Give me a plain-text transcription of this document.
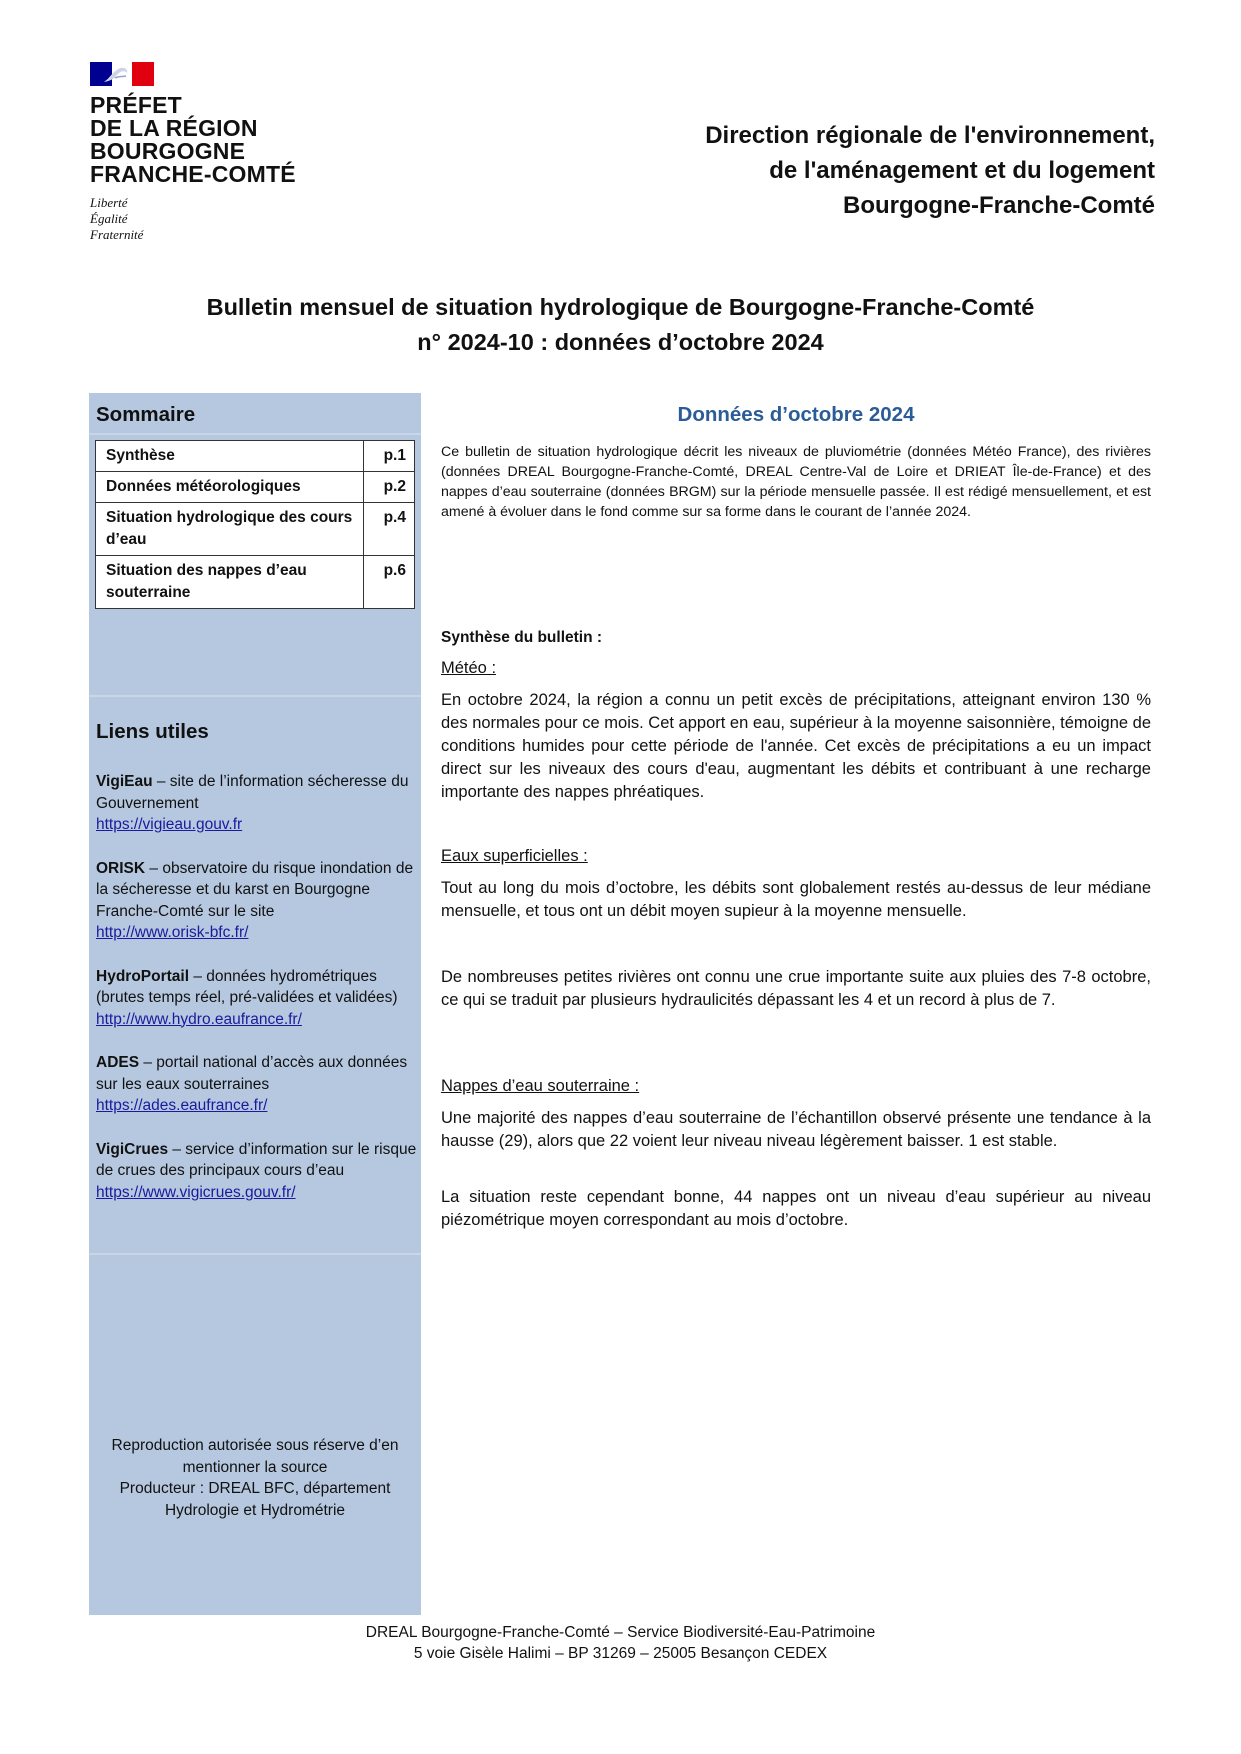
PRÉFET
DE LA RÉGION
BOURGOGNE
FRANCHE-COMTÉ
Liberté
Égalité
Fraternité
Direction régionale de l'environnement,
de l'aménagement et du logement
Bourgogne-Franche-Comté
Bulletin mensuel de situation hydrologique de Bourgogne-Franche-Comté
n° 2024-10 : données d’octobre 2024
Sommaire
Synthèse	p.1
Données météorologiques	p.2
Situation hydrologique des cours d’eau	p.4
Situation des nappes d’eau souterraine	p.6
Liens utiles

VigiEau – site de l’information sécheresse du Gouvernement
https://vigieau.gouv.fr

ORISK – observatoire du risque inondation de la sécheresse et du karst en Bourgogne Franche-Comté sur le site
http://www.orisk-bfc.fr/

HydroPortail – données hydrométriques (brutes temps réel, pré-validées et validées)
http://www.hydro.eaufrance.fr/

ADES – portail national d’accès aux données sur les eaux souterraines
https://ades.eaufrance.fr/

VigiCrues – service d’information sur le risque de crues des principaux cours d’eau
https://www.vigicrues.gouv.fr/

Reproduction autorisée sous réserve d’en mentionner la source
Producteur : DREAL BFC, département Hydrologie et Hydrométrie
Données d’octobre 2024

Ce bulletin de situation hydrologique décrit les niveaux de pluviométrie (données Météo France), des rivières (données DREAL Bourgogne-Franche-Comté, DREAL Centre-Val de Loire et DRIEAT Île-de-France) et des nappes d’eau souterraine (données BRGM) sur la période mensuelle passée. Il est rédigé mensuellement, et est amené à évoluer dans le fond comme sur sa forme dans le courant de l’année 2024.

Synthèse du bulletin :
Météo :

En octobre 2024, la région a connu un petit excès de précipitations, atteignant environ 130 % des normales pour ce mois. Cet apport en eau, supérieur à la moyenne saisonnière, témoigne de conditions humides pour cette période de l'année. Cet excès de précipitations a eu un impact direct sur les niveaux des cours d'eau, augmentant les débits et contribuant à une recharge importante des nappes phréatiques.

Eaux superficielles :

Tout au long du mois d’octobre, les débits sont globalement restés au-dessus de leur médiane mensuelle, et tous ont un débit moyen supieur à la moyenne mensuelle.

De nombreuses petites rivières ont connu une crue importante suite aux pluies des 7-8 octobre, ce qui se traduit par plusieurs hydraulicités dépassant les 4 et un record à plus de 7.

Nappes d’eau souterraine :

Une majorité des nappes d’eau souterraine de l’échantillon observé présente une tendance à la hausse (29), alors que 22 voient leur niveau niveau légèrement baisser. 1 est stable.

La situation reste cependant bonne, 44 nappes ont un niveau d’eau supérieur au niveau piézométrique moyen correspondant au mois d’octobre.

DREAL Bourgogne-Franche-Comté – Service Biodiversité-Eau-Patrimoine
5 voie Gisèle Halimi – BP 31269 – 25005 Besançon CEDEX
